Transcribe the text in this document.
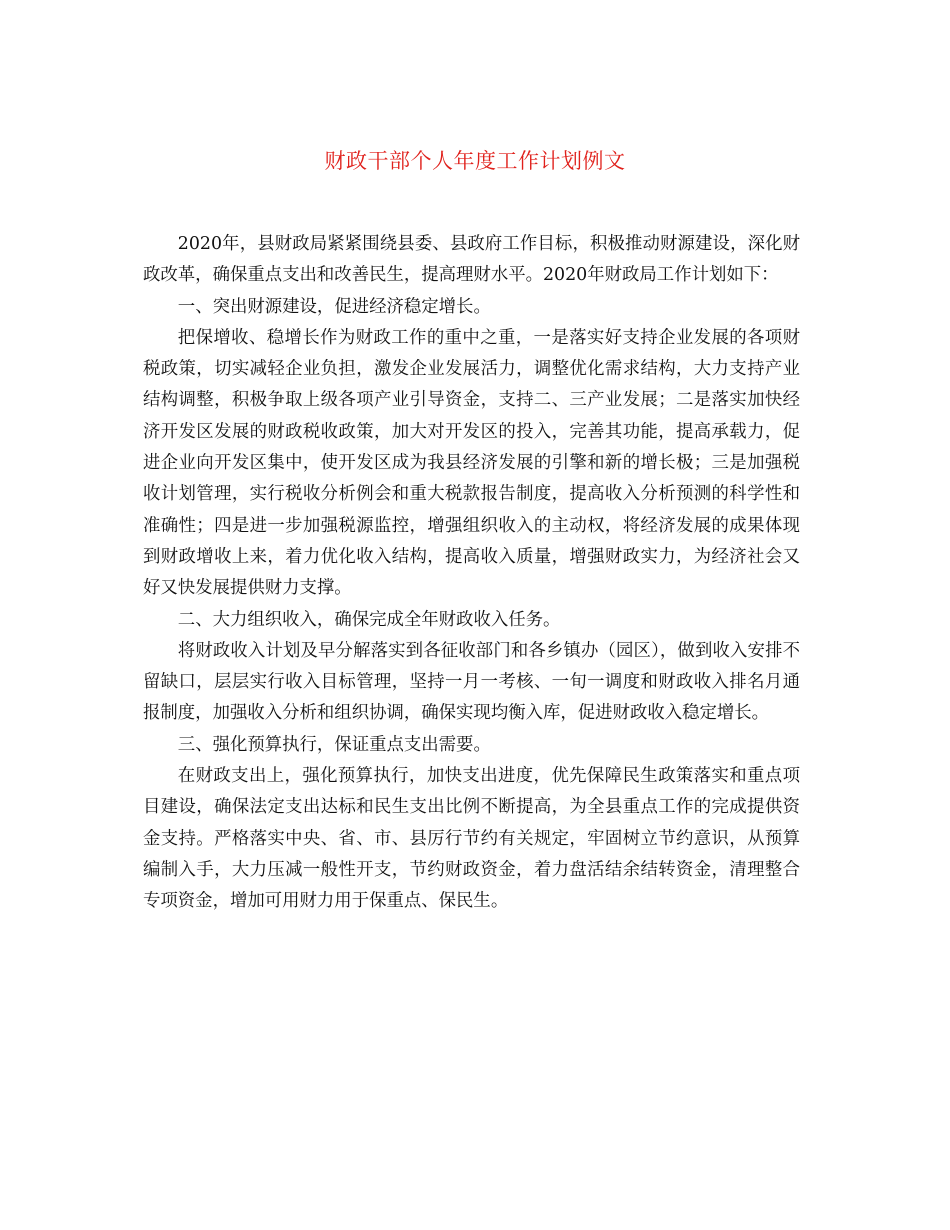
财政干部个人年度工作计划例文

2020年，县财政局紧紧围绕县委、县政府工作目标，积极推动财源建设，深化财政改革，确保重点支出和改善民生，提高理财水平。2020年财政局工作计划如下：

一、突出财源建设，促进经济稳定增长。

把保增收、稳增长作为财政工作的重中之重，一是落实好支持企业发展的各项财税政策，切实减轻企业负担，激发企业发展活力，调整优化需求结构，大力支持产业结构调整，积极争取上级各项产业引导资金，支持二、三产业发展；二是落实加快经济开发区发展的财政税收政策，加大对开发区的投入，完善其功能，提高承载力，促进企业向开发区集中，使开发区成为我县经济发展的引擎和新的增长极；三是加强税收计划管理，实行税收分析例会和重大税款报告制度，提高收入分析预测的科学性和准确性；四是进一步加强税源监控，增强组织收入的主动权，将经济发展的成果体现到财政增收上来，着力优化收入结构，提高收入质量，增强财政实力，为经济社会又好又快发展提供财力支撑。

二、大力组织收入，确保完成全年财政收入任务。

将财政收入计划及早分解落实到各征收部门和各乡镇办（园区），做到收入安排不留缺口，层层实行收入目标管理，坚持一月一考核、一旬一调度和财政收入排名月通报制度，加强收入分析和组织协调，确保实现均衡入库，促进财政收入稳定增长。

三、强化预算执行，保证重点支出需要。

在财政支出上，强化预算执行，加快支出进度，优先保障民生政策落实和重点项目建设，确保法定支出达标和民生支出比例不断提高，为全县重点工作的完成提供资金支持。严格落实中央、省、市、县厉行节约有关规定，牢固树立节约意识，从预算编制入手，大力压减一般性开支，节约财政资金，着力盘活结余结转资金，清理整合专项资金，增加可用财力用于保重点、保民生。
